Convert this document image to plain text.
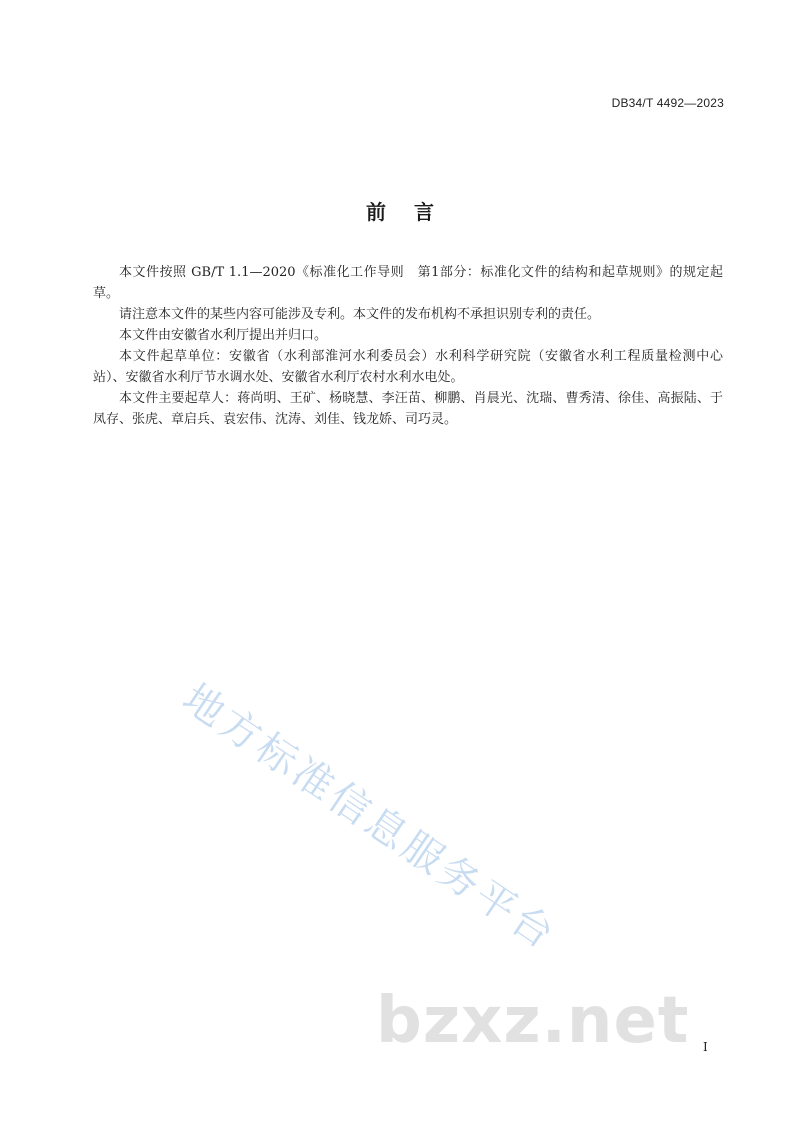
DB34/T 4492—2023
前言

本文件按照 GB/T 1.1—2020《标准化工作导则　第1部分：标准化文件的结构和起草规则》的规定起草。

请注意本文件的某些内容可能涉及专利。本文件的发布机构不承担识别专利的责任。

本文件由安徽省水利厅提出并归口。

本文件起草单位：安徽省（水利部淮河水利委员会）水利科学研究院（安徽省水利工程质量检测中心站）、安徽省水利厅节水调水处、安徽省水利厅农村水利水电处。

本文件主要起草人：蒋尚明、王矿、杨晓慧、李汪苗、柳鹏、肖晨光、沈瑞、曹秀清、徐佳、高振陆、于凤存、张虎、章启兵、袁宏伟、沈涛、刘佳、钱龙娇、司巧灵。

地方标准信息服务平台
bzxz.net I
